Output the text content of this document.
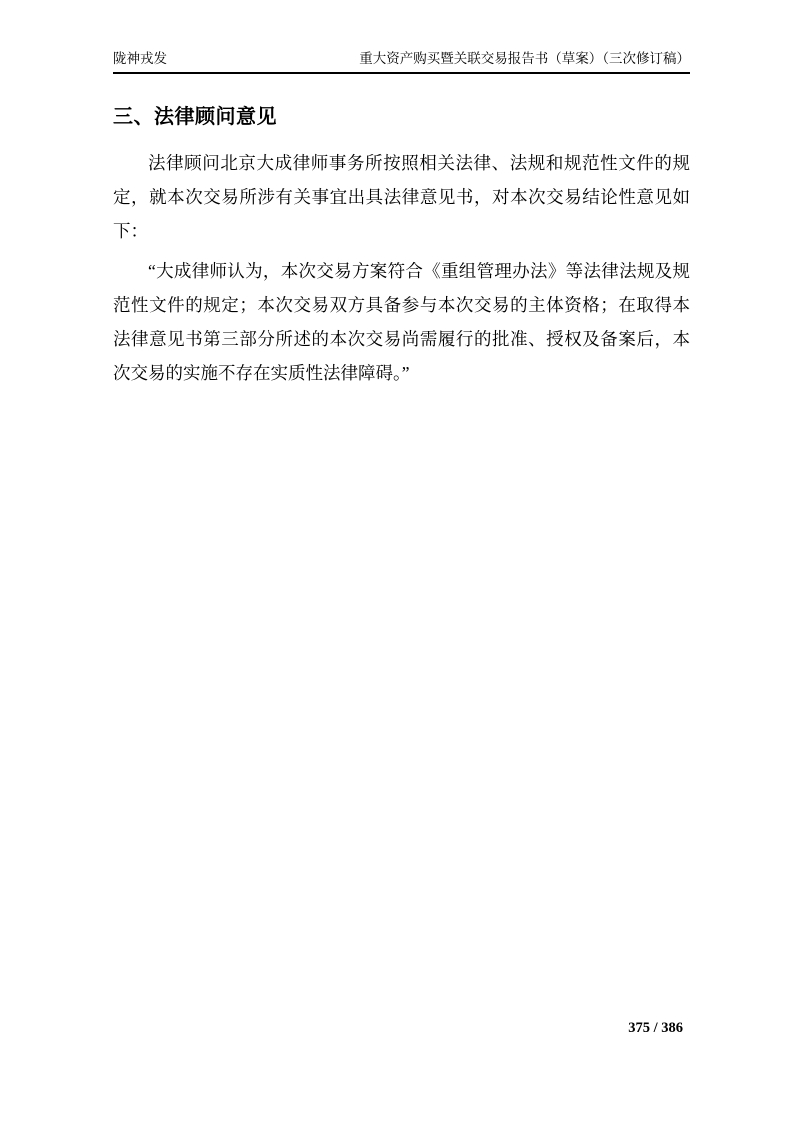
陇神戎发	重大资产购买暨关联交易报告书（草案）（三次修订稿）
三、法律顾问意见

法律顾问北京大成律师事务所按照相关法律、法规和规范性文件的规定，就本次交易所涉有关事宜出具法律意见书，对本次交易结论性意见如下：

“大成律师认为，本次交易方案符合《重组管理办法》等法律法规及规范性文件的规定；本次交易双方具备参与本次交易的主体资格；在取得本法律意见书第三部分所述的本次交易尚需履行的批准、授权及备案后，本次交易的实施不存在实质性法律障碍。”

375 / 386
